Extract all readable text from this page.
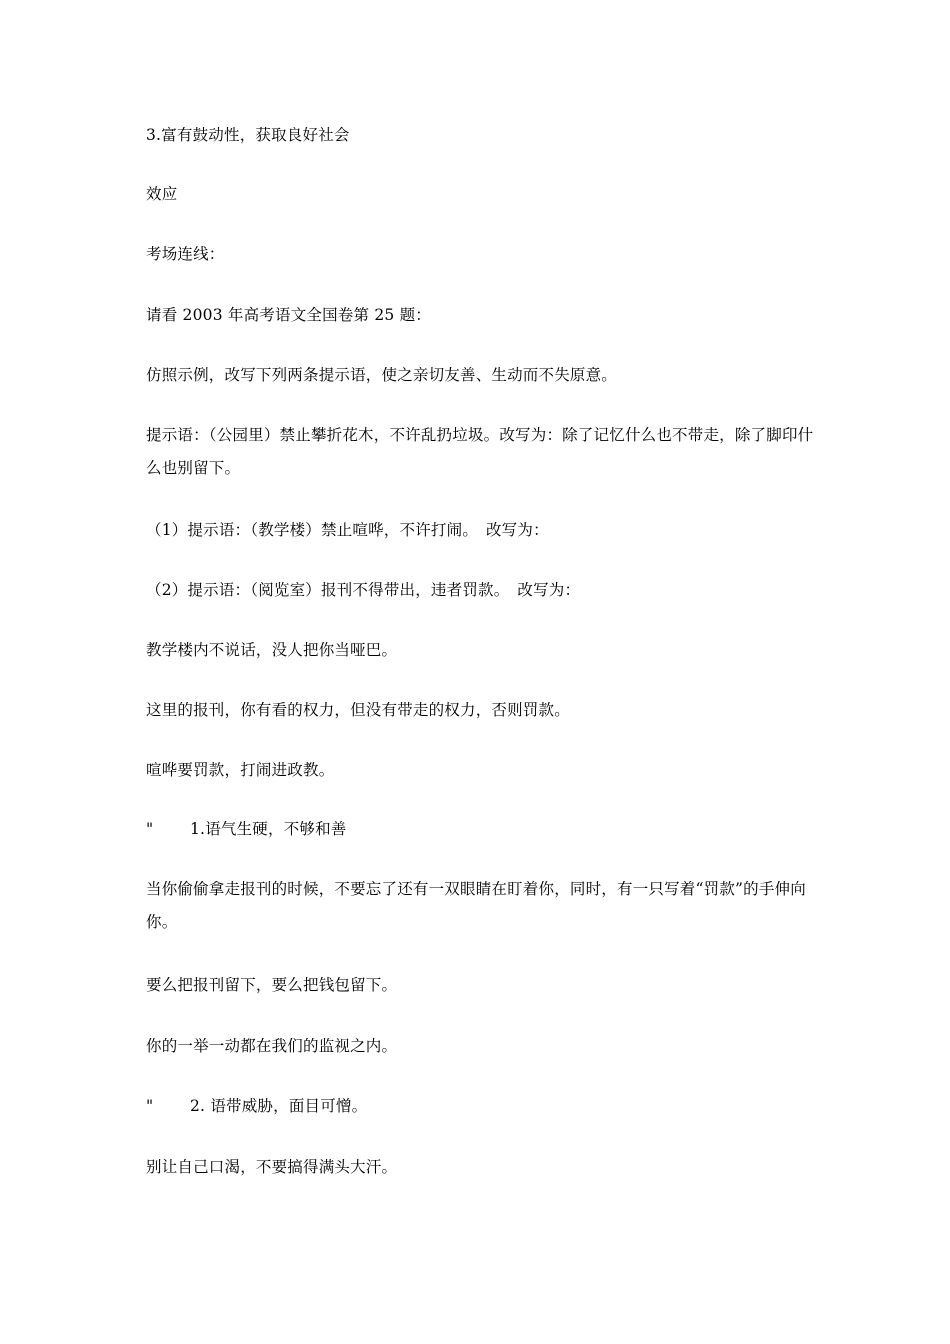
3.富有鼓动性，获取良好社会
效应
考场连线：
请看 2003 年高考语文全国卷第 25 题：
仿照示例，改写下列两条提示语，使之亲切友善、生动而不失原意。
提示语：（公园里）禁止攀折花木，不许乱扔垃圾。改写为：除了记忆什么也不带走，除了脚印什么也别留下。
（1）提示语：（教学楼）禁止喧哗，不许打闹。　改写为：
（2）提示语：（阅览室）报刊不得带出，违者罚款。　改写为：
教学楼内不说话，没人把你当哑巴。
这里的报刊，你有看的权力，但没有带走的权力，否则罚款。
喧哗要罚款，打闹进政教。
" 1.语气生硬，不够和善
当你偷偷拿走报刊的时候，不要忘了还有一双眼睛在盯着你，同时，有一只写着“罚款”的手伸向你。
要么把报刊留下，要么把钱包留下。
你的一举一动都在我们的监视之内。
" 2. 语带威胁，面目可憎。
别让自己口渴，不要搞得满头大汗。
